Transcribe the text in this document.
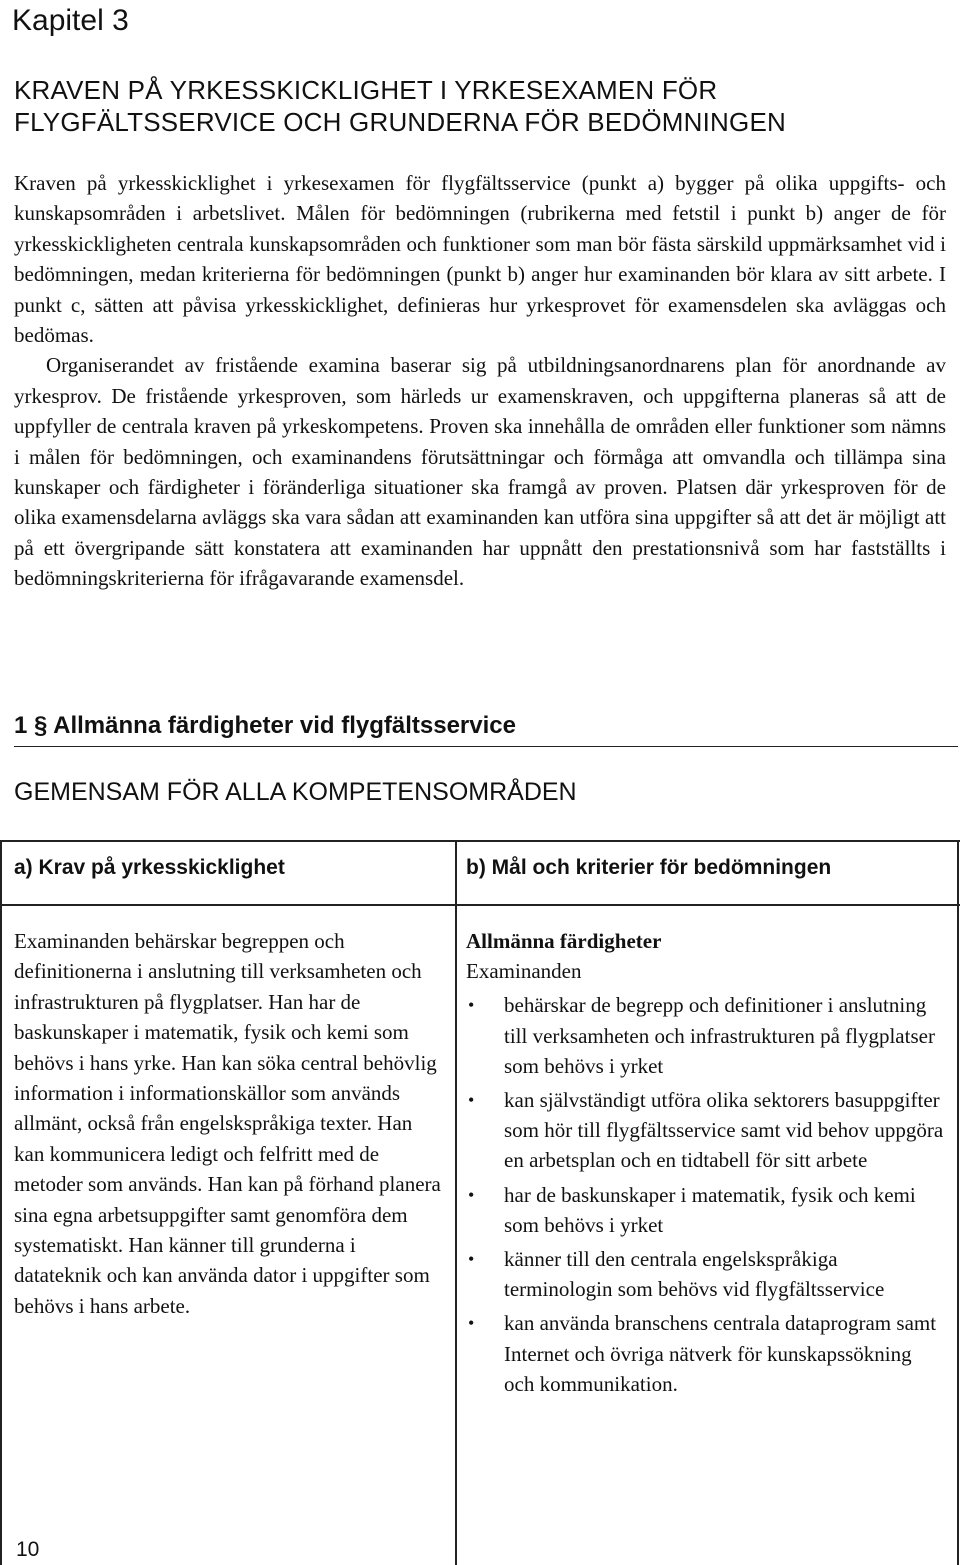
Kapitel 3
KRAVEN PÅ YRKESSKICKLIGHET I YRKESEXAMEN FÖR
FLYGFÄLTSSERVICE OCH GRUNDERNA FÖR BEDÖMNINGEN

Kraven på yrkesskicklighet i yrkesexamen för flygfältsservice (punkt a) bygger på olika uppgifts- och kunskapsområden i arbetslivet. Målen för bedömningen (rubrikerna med fetstil i punkt b) anger de för yrkesskickligheten centrala kunskapsområden och funktioner som man bör fästa särskild uppmärksamhet vid i bedömningen, medan kriterierna för bedömningen (punkt b) anger hur examinanden bör klara av sitt arbete. I punkt c, sätten att påvisa yrkesskicklighet, definieras hur yrkesprovet för examensdelen ska avläggas och bedömas.

Organiserandet av fristående examina baserar sig på utbildningsanordnarens plan för anordnande av yrkesprov. De fristående yrkesproven, som härleds ur examenskraven, och uppgifterna planeras så att de uppfyller de centrala kraven på yrkeskompetens. Proven ska innehålla de områden eller funktioner som nämns i målen för bedömningen, och examinandens förutsättningar och förmåga att omvandla och tillämpa sina kunskaper och färdigheter i föränderliga situationer ska framgå av proven. Platsen där yrkesproven för de olika examensdelarna avläggs ska vara sådan att examinanden kan utföra sina uppgifter så att det är möjligt att på ett övergripande sätt konstatera att examinanden har uppnått den prestationsnivå som har fastställts i bedömningskriterierna för ifrågavarande examensdel.

1 § Allmänna färdigheter vid flygfältsservice
GEMENSAM FÖR ALLA KOMPETENSOMRÅDEN
a) Krav på yrkesskicklighet	b) Mål och kriterier för bedömningen

Examinanden behärskar begreppen och definitionerna i anslutning till verksamheten och infrastrukturen på flygplatser. Han har de baskunskaper i matematik, fysik och kemi som behövs i hans yrke. Han kan söka central behövlig information i informationskällor som används allmänt, också från engelskspråkiga texter. Han kan kommunicera ledigt och felfritt med de metoder som används. Han kan på förhand planera sina egna arbetsuppgifter samt genomföra dem systematiskt. Han känner till grunderna i datateknik och kan använda dator i uppgifter som behövs i hans arbete.

Allmänna färdigheter
Examinanden
• behärskar de begrepp och definitioner i anslutning till verksamheten och infrastrukturen på flygplatser som behövs i yrket
• kan självständigt utföra olika sektorers basuppgifter som hör till flygfältsservice samt vid behov uppgöra en arbetsplan och en tidtabell för sitt arbete
• har de baskunskaper i matematik, fysik och kemi som behövs i yrket
• känner till den centrala engelskspråkiga terminologin som behövs vid flygfältsservice
• kan använda branschens centrala dataprogram samt Internet och övriga nätverk för kunskapssökning och kommunikation.
10
